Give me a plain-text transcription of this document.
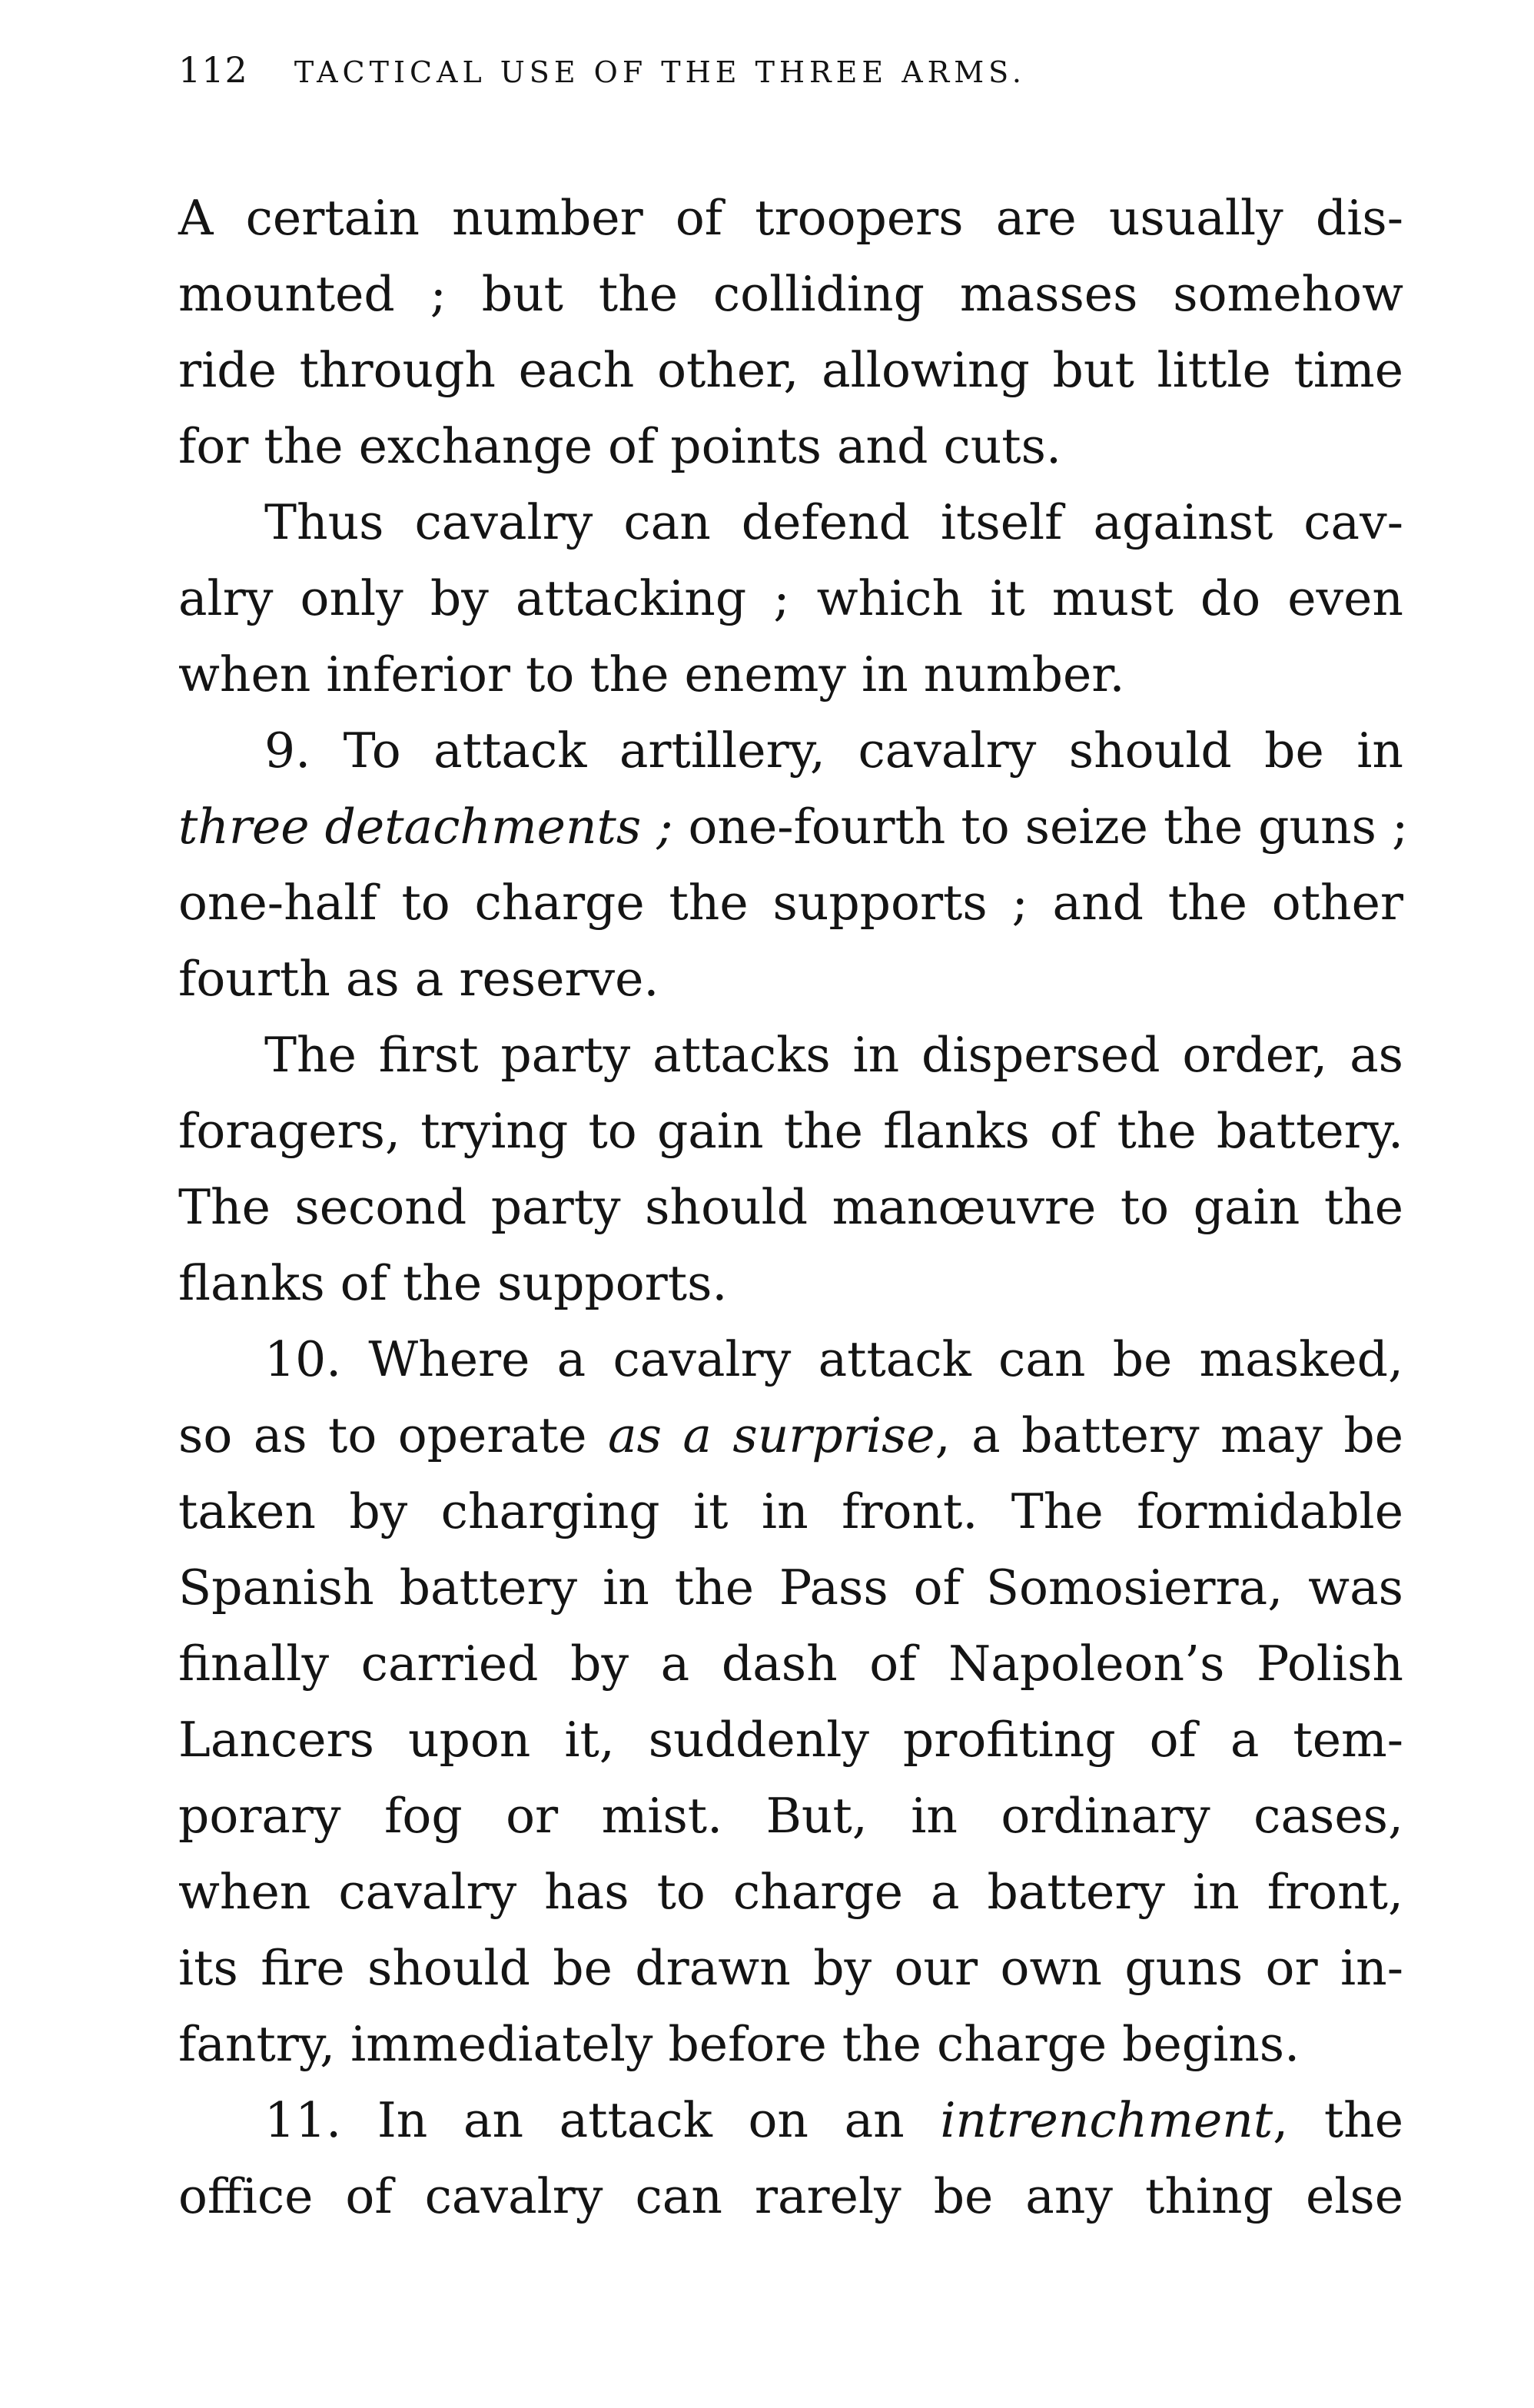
112 TACTICAL USE OF THE THREE ARMS.
A certain number of troopers are usually dis-
mounted ; but the colliding masses somehow
ride through each other, allowing but little time
for the exchange of points and cuts.
Thus cavalry can defend itself against cav-
alry only by attacking ; which it must do even
when inferior to the enemy in number.
9. To attack artillery, cavalry should be in
three detachments ; one-fourth to seize the guns ;
one-half to charge the supports ; and the other
fourth as a reserve.
The first party attacks in dispersed order, as
foragers, trying to gain the flanks of the battery.
The second party should manœuvre to gain the
flanks of the supports.
10. Where a cavalry attack can be masked,
so as to operate as a surprise, a battery may be
taken by charging it in front. The formidable
Spanish battery in the Pass of Somosierra, was
finally carried by a dash of Napoleon’s Polish
Lancers upon it, suddenly profiting of a tem-
porary fog or mist. But, in ordinary cases,
when cavalry has to charge a battery in front,
its fire should be drawn by our own guns or in-
fantry, immediately before the charge begins.
11. In an attack on an intrenchment, the
office of cavalry can rarely be any thing else
